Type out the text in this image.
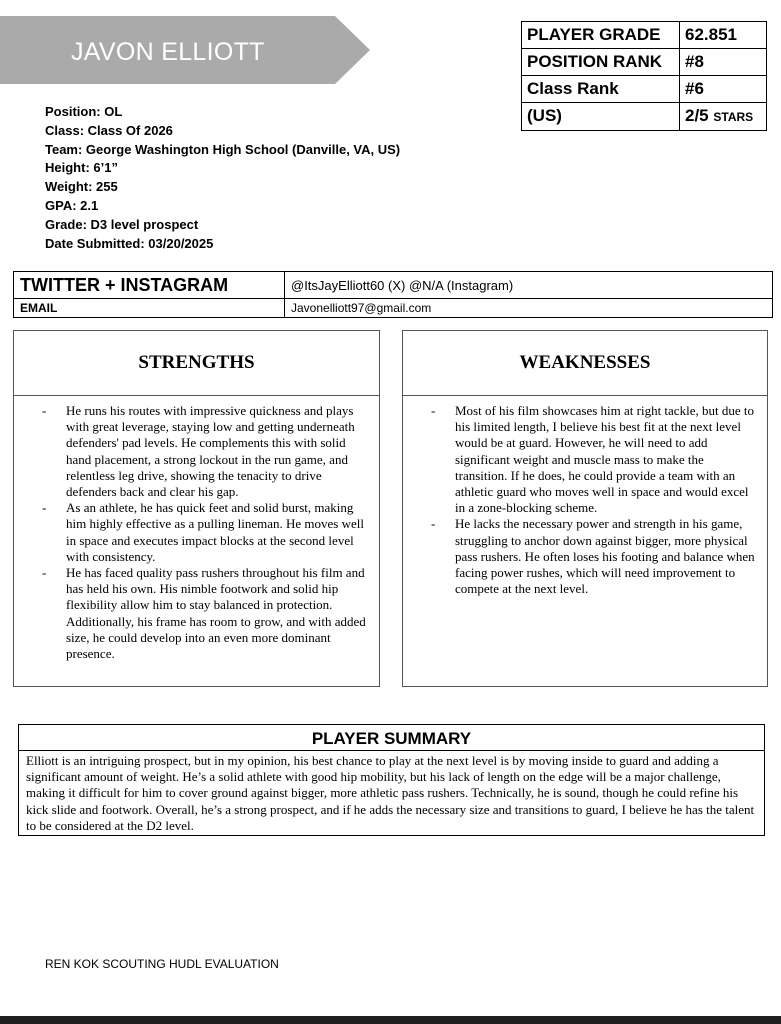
JAVON ELLIOTT
PLAYER GRADE	62.851
POSITION RANK	#8
Class Rank	#6
(US)	2/5 STARS
Position: OL
Class: Class Of 2026
Team: George Washington High School (Danville, VA, US)
Height: 6’1”
Weight: 255
GPA: 2.1
Grade: D3 level prospect
Date Submitted: 03/20/2025
TWITTER + INSTAGRAM	@ItsJayElliott60 (X) @N/A (Instagram)
EMAIL	Javonelliott97@gmail.com
STRENGTHS
- He runs his routes with impressive quickness and plays with great leverage, staying low and getting underneath defenders' pad levels. He complements this with solid hand placement, a strong lockout in the run game, and relentless leg drive, showing the tenacity to drive defenders back and clear his gap.
- As an athlete, he has quick feet and solid burst, making him highly effective as a pulling lineman. He moves well in space and executes impact blocks at the second level with consistency.
- He has faced quality pass rushers throughout his film and has held his own. His nimble footwork and solid hip flexibility allow him to stay balanced in protection. Additionally, his frame has room to grow, and with added size, he could develop into an even more dominant presence.
WEAKNESSES
- Most of his film showcases him at right tackle, but due to his limited length, I believe his best fit at the next level would be at guard. However, he will need to add significant weight and muscle mass to make the transition. If he does, he could provide a team with an athletic guard who moves well in space and would excel in a zone-blocking scheme.
- He lacks the necessary power and strength in his game, struggling to anchor down against bigger, more physical pass rushers. He often loses his footing and balance when facing power rushes, which will need improvement to compete at the next level.
PLAYER SUMMARY
Elliott is an intriguing prospect, but in my opinion, his best chance to play at the next level is by moving inside to guard and adding a significant amount of weight. He’s a solid athlete with good hip mobility, but his lack of length on the edge will be a major challenge, making it difficult for him to cover ground against bigger, more athletic pass rushers. Technically, he is sound, though he could refine his kick slide and footwork. Overall, he’s a strong prospect, and if he adds the necessary size and transitions to guard, I believe he has the talent to be considered at the D2 level.
REN KOK SCOUTING HUDL EVALUATION
